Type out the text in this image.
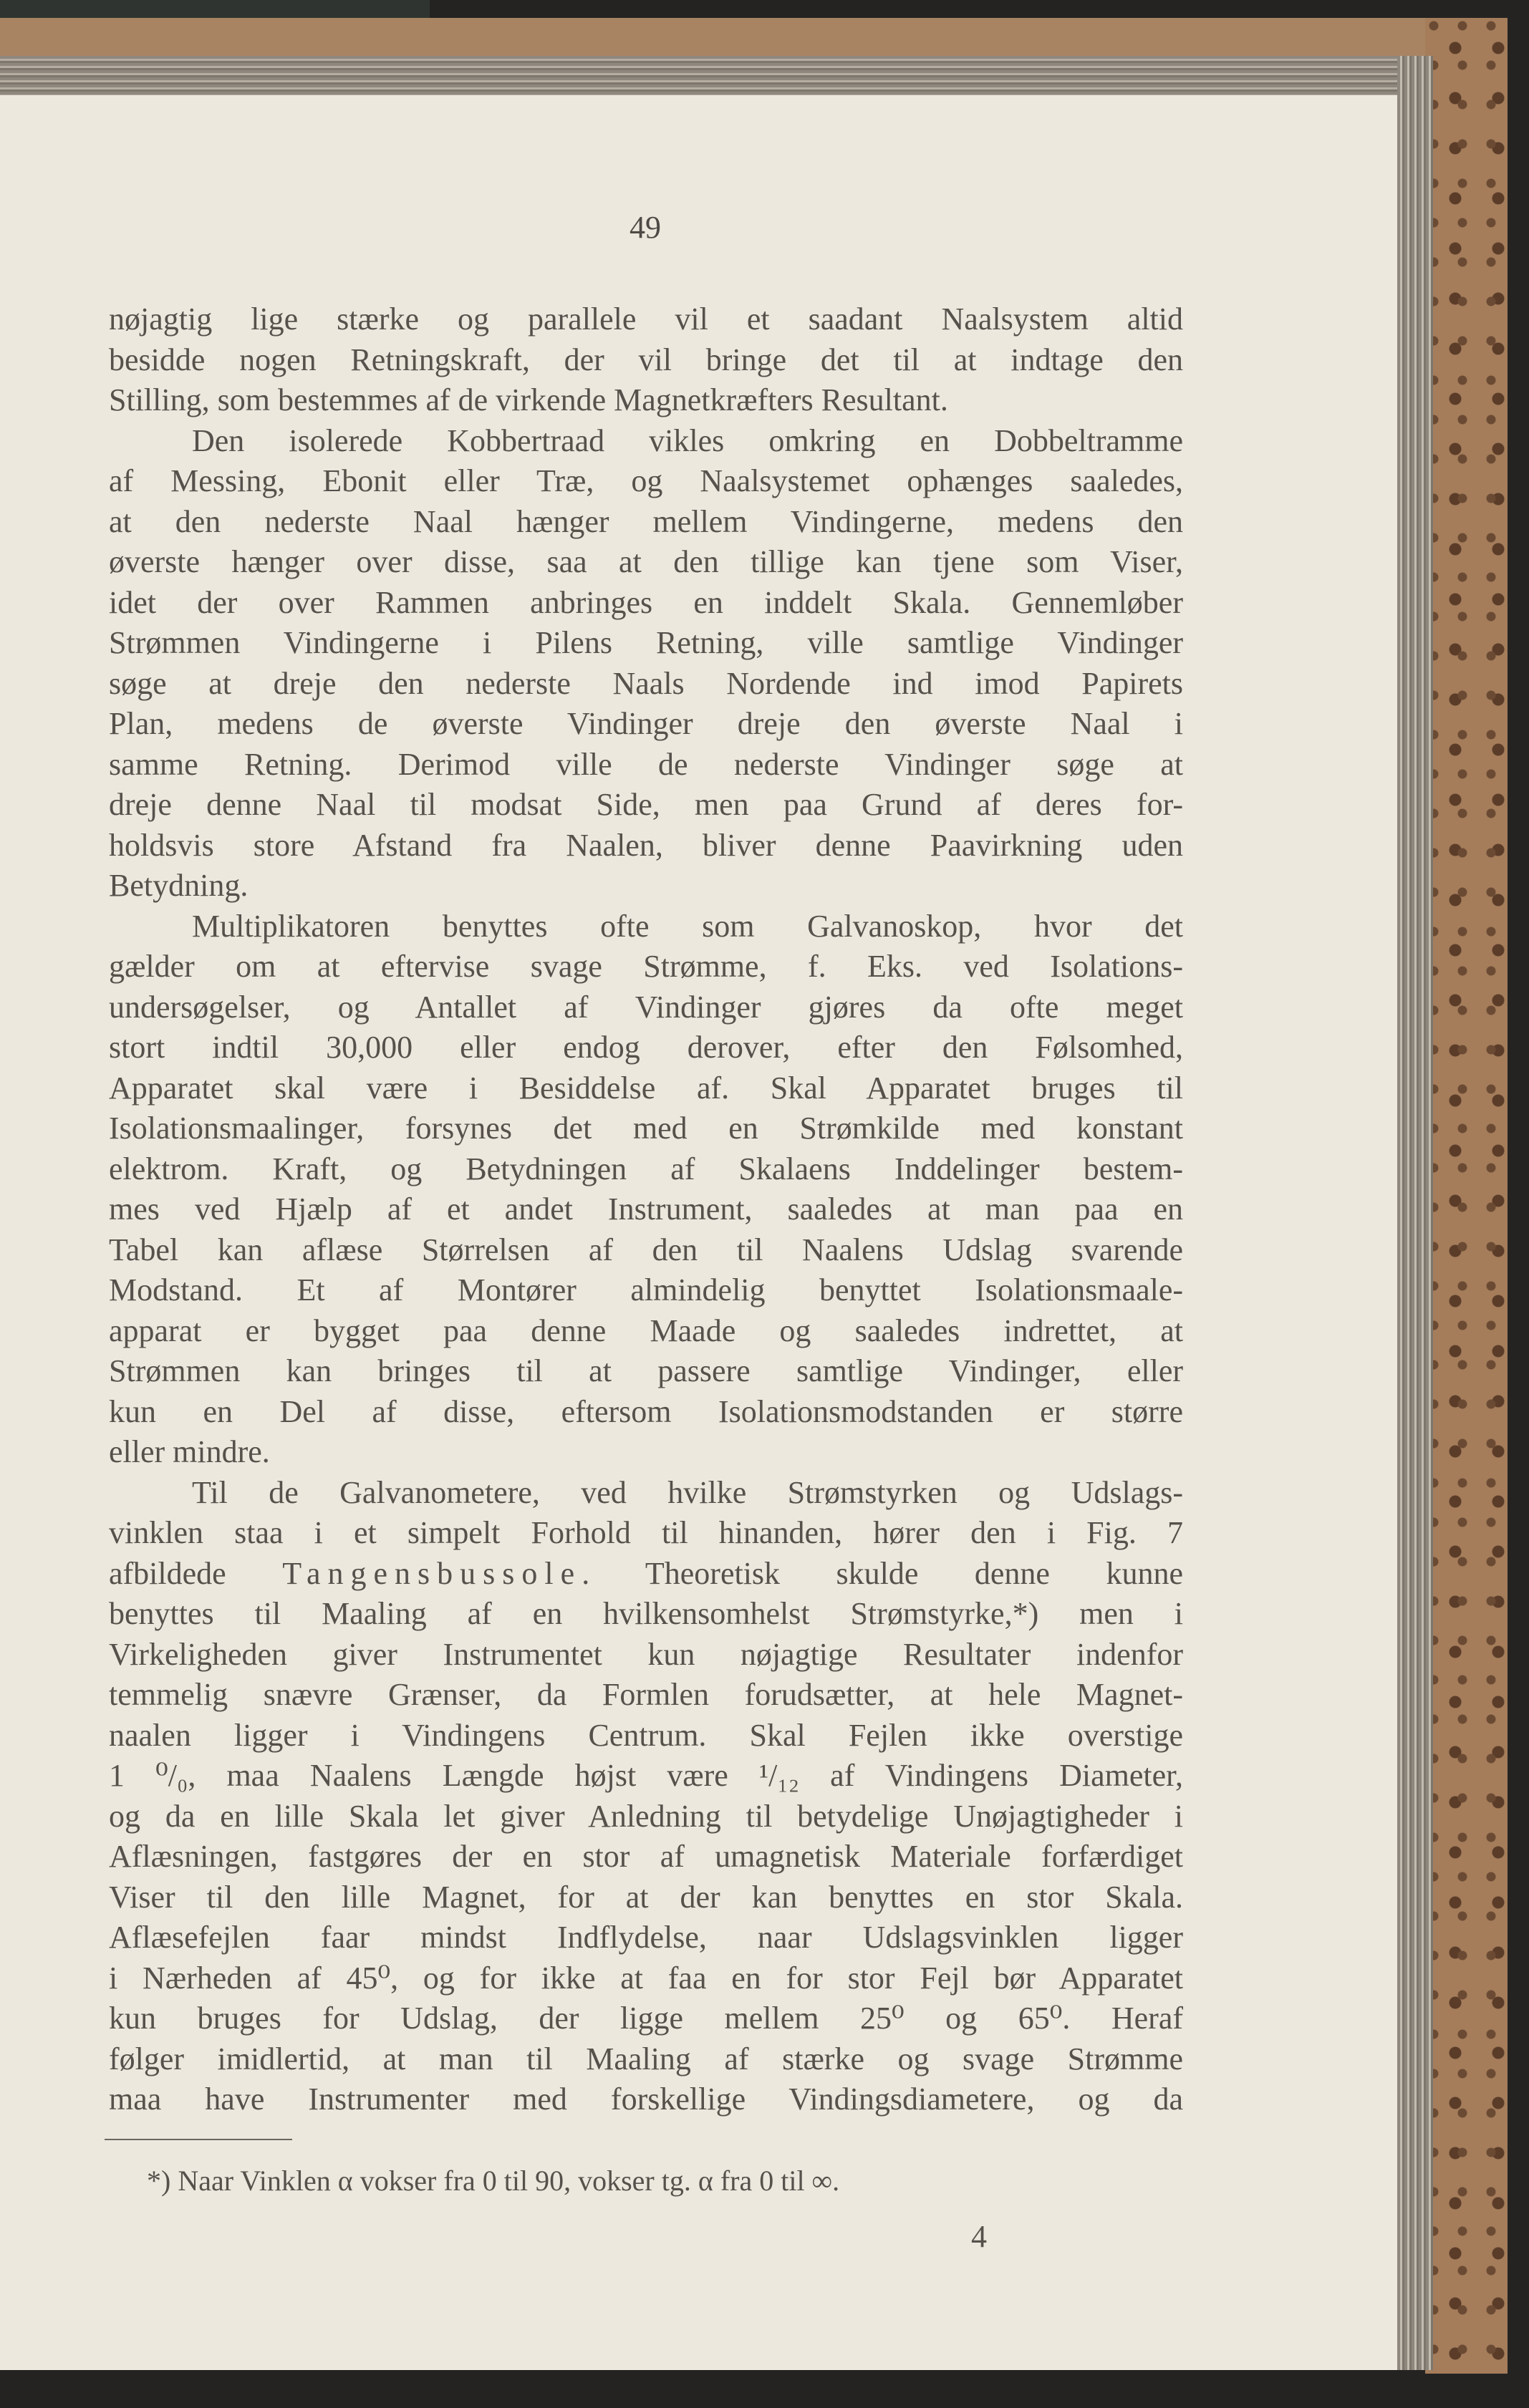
49
nøjagtig lige stærke og parallele vil et saadant Naalsystem altid
besidde nogen Retningskraft, der vil bringe det til at indtage den
Stilling, som bestemmes af de virkende Magnetkræfters Resultant.
Den isolerede Kobbertraad vikles omkring en Dobbeltramme
af Messing, Ebonit eller Træ, og Naalsystemet ophænges saaledes,
at den nederste Naal hænger mellem Vindingerne, medens den
øverste hænger over disse, saa at den tillige kan tjene som Viser,
idet der over Rammen anbringes en inddelt Skala. Gennemløber
Strømmen Vindingerne i Pilens Retning, ville samtlige Vindinger
søge at dreje den nederste Naals Nordende ind imod Papirets
Plan, medens de øverste Vindinger dreje den øverste Naal i
samme Retning. Derimod ville de nederste Vindinger søge at
dreje denne Naal til modsat Side, men paa Grund af deres for-
holdsvis store Afstand fra Naalen, bliver denne Paavirkning uden
Betydning.
Multiplikatoren benyttes ofte som Galvanoskop, hvor det
gælder om at eftervise svage Strømme, f. Eks. ved Isolations-
undersøgelser, og Antallet af Vindinger gjøres da ofte meget
stort indtil 30,000 eller endog derover, efter den Følsomhed,
Apparatet skal være i Besiddelse af. Skal Apparatet bruges til
Isolationsmaalinger, forsynes det med en Strømkilde med konstant
elektrom. Kraft, og Betydningen af Skalaens Inddelinger bestem-
mes ved Hjælp af et andet Instrument, saaledes at man paa en
Tabel kan aflæse Størrelsen af den til Naalens Udslag svarende
Modstand. Et af Montører almindelig benyttet Isolationsmaale-
apparat er bygget paa denne Maade og saaledes indrettet, at
Strømmen kan bringes til at passere samtlige Vindinger, eller
kun en Del af disse, eftersom Isolationsmodstanden er større
eller mindre.
Til de Galvanometere, ved hvilke Strømstyrken og Udslags-
vinklen staa i et simpelt Forhold til hinanden, hører den i Fig. 7
afbildede Tangensbussole. Theoretisk skulde denne kunne
benyttes til Maaling af en hvilkensomhelst Strømstyrke,*) men i
Virkeligheden giver Instrumentet kun nøjagtige Resultater indenfor
temmelig snævre Grænser, da Formlen forudsætter, at hele Magnet-
naalen ligger i Vindingens Centrum. Skal Fejlen ikke overstige
1 ⁰/₀, maa Naalens Længde højst være ¹/₁₂ af Vindingens Diameter,
og da en lille Skala let giver Anledning til betydelige Unøjagtigheder i
Aflæsningen, fastgøres der en stor af umagnetisk Materiale forfærdiget
Viser til den lille Magnet, for at der kan benyttes en stor Skala.
Aflæsefejlen faar mindst Indflydelse, naar Udslagsvinklen ligger
i Nærheden af 45⁰, og for ikke at faa en for stor Fejl bør Apparatet
kun bruges for Udslag, der ligge mellem 25⁰ og 65⁰. Heraf
følger imidlertid, at man til Maaling af stærke og svage Strømme
maa have Instrumenter med forskellige Vindingsdiametere, og da
*) Naar Vinklen α vokser fra 0 til 90, vokser tg. α fra 0 til ∞.
4
